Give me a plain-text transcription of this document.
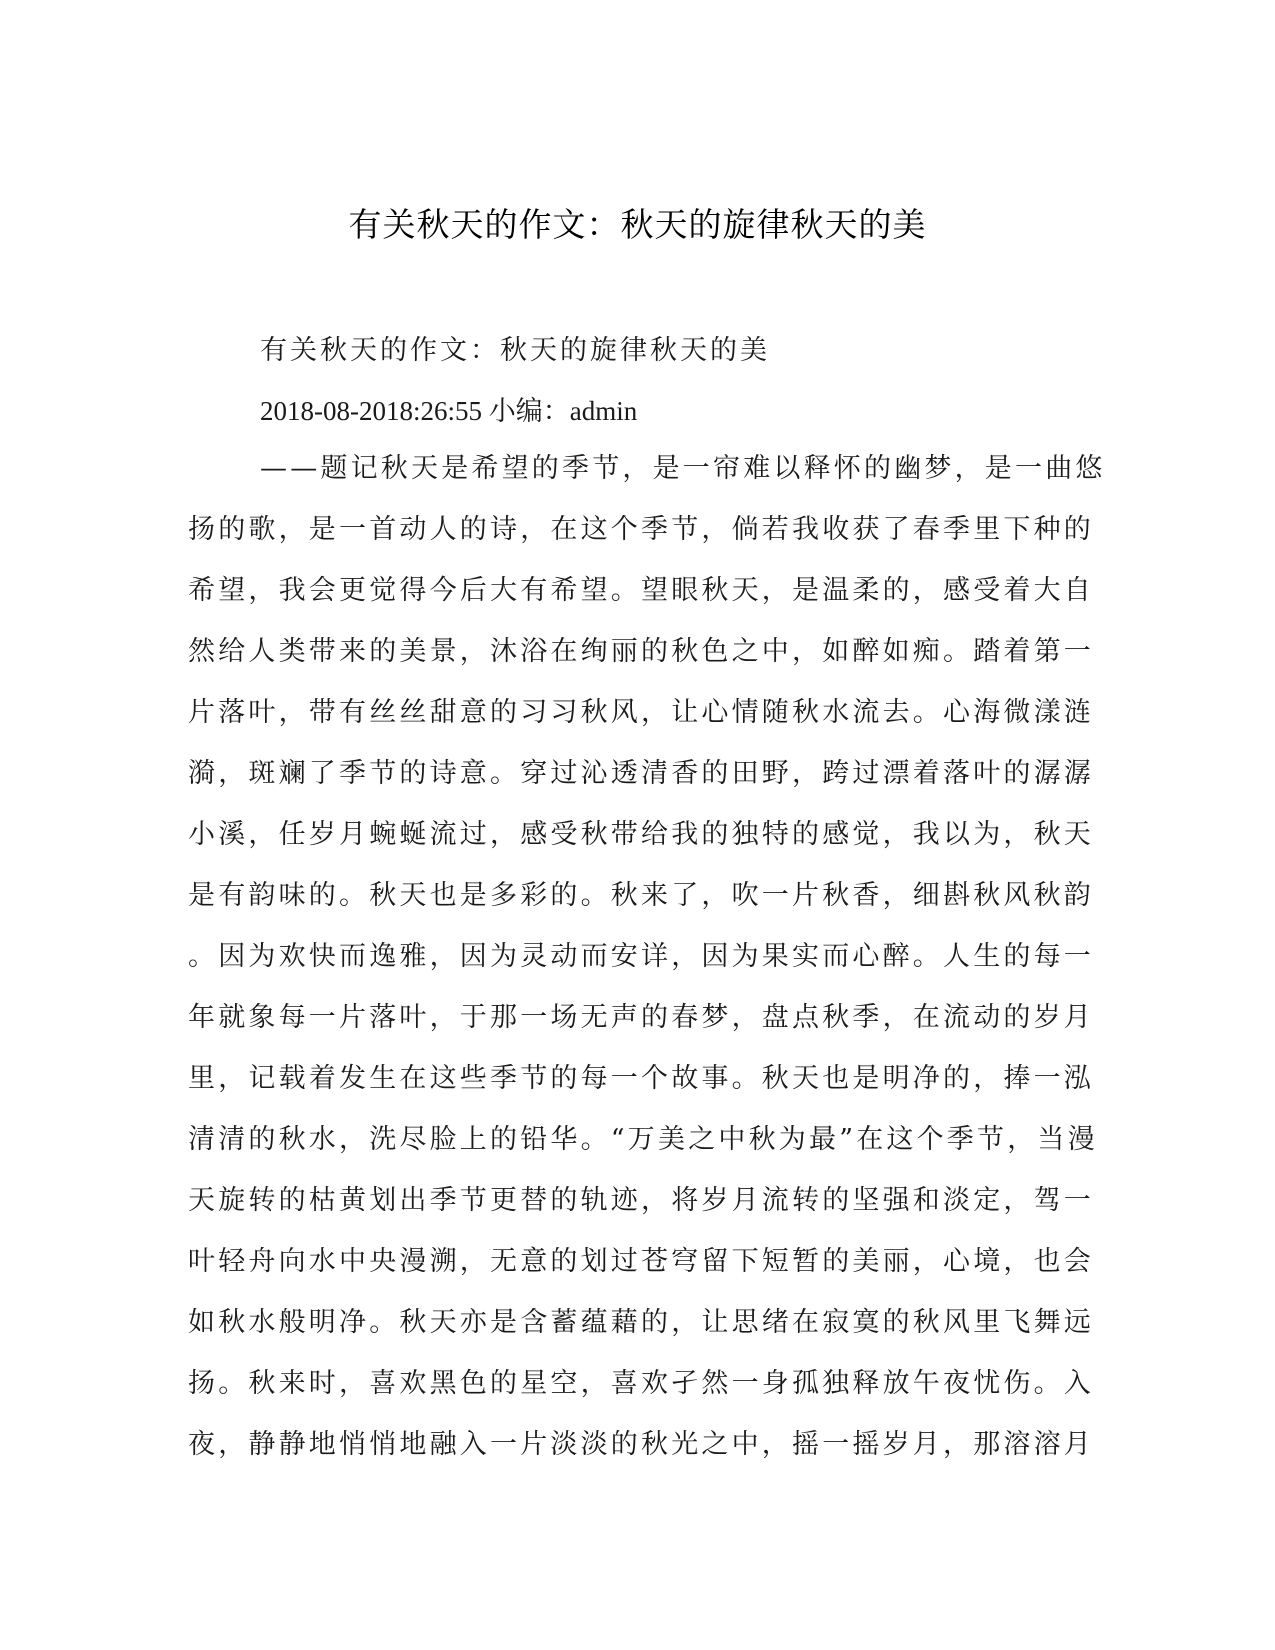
有关秋天的作文：秋天的旋律秋天的美
有关秋天的作文：秋天的旋律秋天的美
2018-08-2018:26:55 小编：admin
——题记秋天是希望的季节，是一帘难以释怀的幽梦，是一曲悠
扬的歌，是一首动人的诗，在这个季节，倘若我收获了春季里下种的
希望，我会更觉得今后大有希望。望眼秋天，是温柔的，感受着大自
然给人类带来的美景，沐浴在绚丽的秋色之中，如醉如痴。踏着第一
片落叶，带有丝丝甜意的习习秋风，让心情随秋水流去。心海微漾涟
漪，斑斓了季节的诗意。穿过沁透清香的田野，跨过漂着落叶的潺潺
小溪，任岁月蜿蜒流过，感受秋带给我的独特的感觉，我以为，秋天
是有韵味的。秋天也是多彩的。秋来了，吹一片秋香，细斟秋风秋韵
。因为欢快而逸雅，因为灵动而安详，因为果实而心醉。人生的每一
年就象每一片落叶，于那一场无声的春梦，盘点秋季，在流动的岁月
里，记载着发生在这些季节的每一个故事。秋天也是明净的，捧一泓
清清的秋水，洗尽脸上的铅华。“万美之中秋为最”在这个季节，当漫
天旋转的枯黄划出季节更替的轨迹，将岁月流转的坚强和淡定，驾一
叶轻舟向水中央漫溯，无意的划过苍穹留下短暂的美丽，心境，也会
如秋水般明净。秋天亦是含蓄蕴藉的，让思绪在寂寞的秋风里飞舞远
扬。秋来时，喜欢黑色的星空，喜欢孑然一身孤独释放午夜忧伤。入
夜，静静地悄悄地融入一片淡淡的秋光之中，摇一摇岁月，那溶溶月
